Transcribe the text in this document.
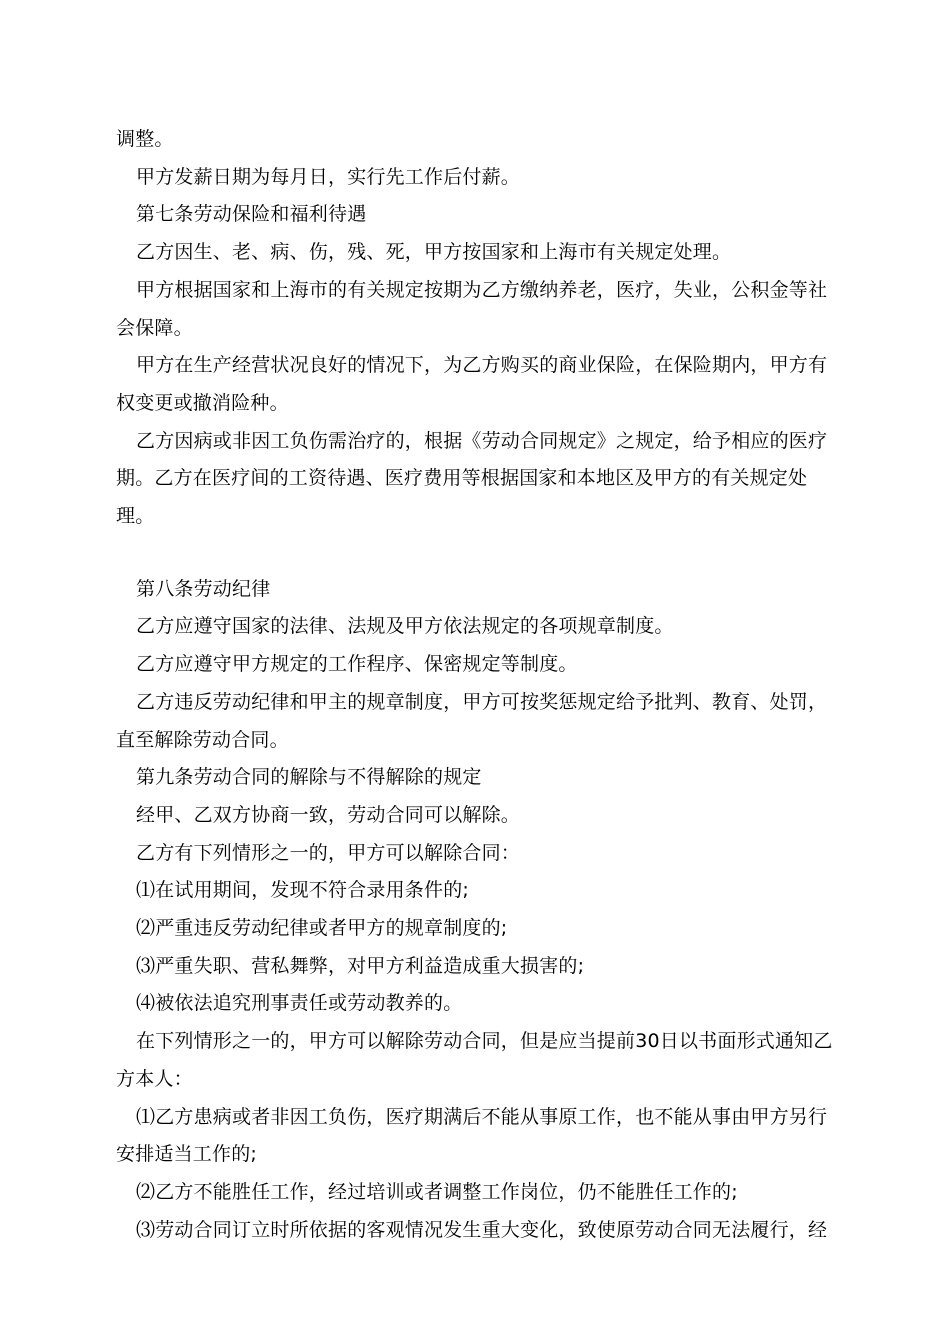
调整。

甲方发薪日期为每月日，实行先工作后付薪。

第七条劳动保险和福利待遇

乙方因生、老、病、伤，残、死，甲方按国家和上海市有关规定处理。

甲方根据国家和上海市的有关规定按期为乙方缴纳养老，医疗，失业，公积金等社会保障。

甲方在生产经营状况良好的情况下，为乙方购买的商业保险，在保险期内，甲方有权变更或撤消险种。

乙方因病或非因工负伤需治疗的，根据《劳动合同规定》之规定，给予相应的医疗期。乙方在医疗间的工资待遇、医疗费用等根据国家和本地区及甲方的有关规定处理。

第八条劳动纪律

乙方应遵守国家的法律、法规及甲方依法规定的各项规章制度。

乙方应遵守甲方规定的工作程序、保密规定等制度。

乙方违反劳动纪律和甲主的规章制度，甲方可按奖惩规定给予批判、教育、处罚，直至解除劳动合同。

第九条劳动合同的解除与不得解除的规定

经甲、乙双方协商一致，劳动合同可以解除。

乙方有下列情形之一的，甲方可以解除合同：

⑴在试用期间，发现不符合录用条件的;

⑵严重违反劳动纪律或者甲方的规章制度的;

⑶严重失职、营私舞弊，对甲方利益造成重大损害的;

⑷被依法追究刑事责任或劳动教养的。

在下列情形之一的，甲方可以解除劳动合同，但是应当提前30日以书面形式通知乙方本人：

⑴乙方患病或者非因工负伤，医疗期满后不能从事原工作，也不能从事由甲方另行安排适当工作的;

⑵乙方不能胜任工作，经过培训或者调整工作岗位，仍不能胜任工作的;

⑶劳动合同订立时所依据的客观情况发生重大变化，致使原劳动合同无法履行，经
